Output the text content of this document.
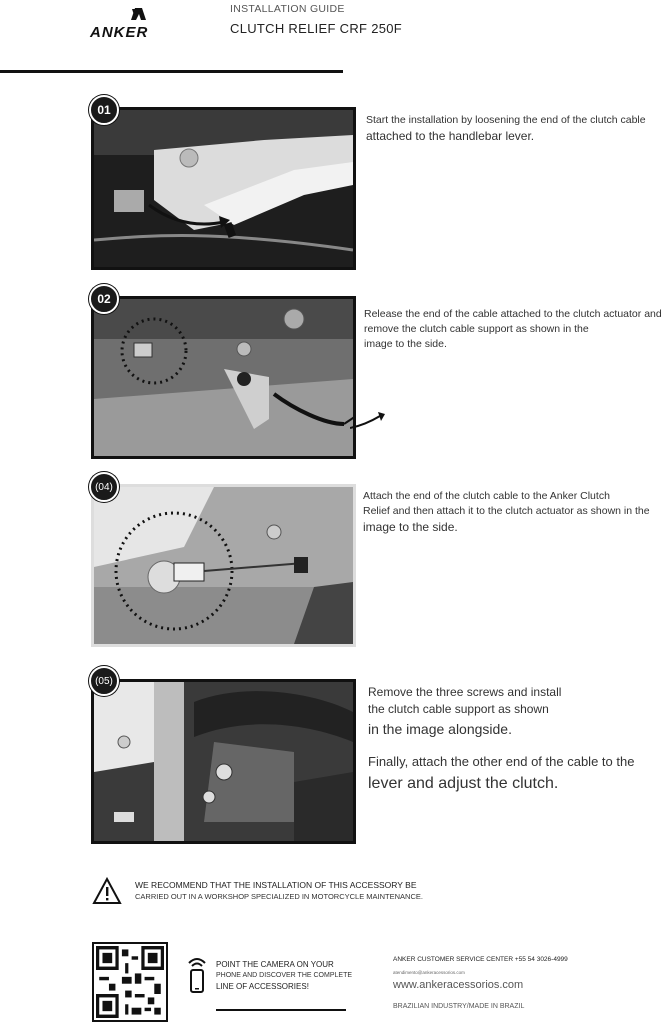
ANKER
INSTALLATION GUIDE
CLUTCH RELIEF CRF 250F
01
Start the installation by loosening the end of the clutch cable
attached to the handlebar lever.
02
Release the end of the cable attached to the clutch actuator and
remove the clutch cable support as shown in the
image to the side.
(04)
Attach the end of the clutch cable to the Anker Clutch
Relief and then attach it to the clutch actuator as shown in the
image to the side.
(05)
Remove the three screws and install
the clutch cable support as shown
in the image alongside.
Finally, attach the other end of the cable to the
lever and adjust the clutch.
WE RECOMMEND THAT THE INSTALLATION OF THIS ACCESSORY BE
CARRIED OUT IN A WORKSHOP SPECIALIZED IN MOTORCYCLE MAINTENANCE.
POINT THE CAMERA ON YOUR
PHONE AND DISCOVER THE COMPLETE
LINE OF ACCESSORIES!
ANKER CUSTOMER SERVICE CENTER +55 54 3026-4999
atendimento@ankeracessorios.com
www.ankeracessorios.com
BRAZILIAN INDUSTRY/MADE IN BRAZIL
